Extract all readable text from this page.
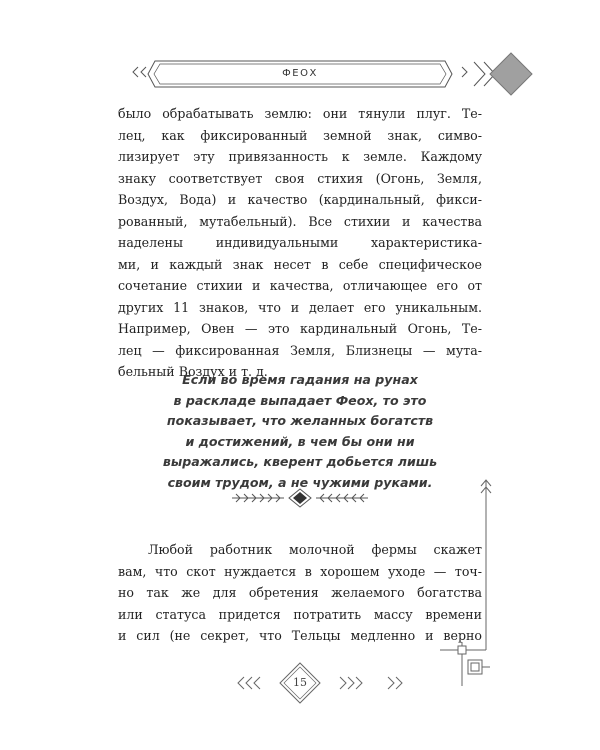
ФЕОХ
было обрабатывать землю: они тянули плуг. Те-
лец, как фиксированный земной знак, симво-
лизирует эту привязанность к земле. Каждому
знаку соответствует своя стихия (Огонь, Земля,
Воздух, Вода) и качество (кардинальный, фикси-
рованный, мутабельный). Все стихии и качества
наделены индивидуальными характеристика-
ми, и каждый знак несет в себе специфическое
сочетание стихии и качества, отличающее его от
других 11 знаков, что и делает его уникальным.
Например, Овен — это кардинальный Огонь, Те-
лец — фиксированная Земля, Близнецы — мута-
бельный Воздух и т. д.
Если во время гадания на рунах
в раскладе выпадает Феох, то это
показывает, что желанных богатств
и достижений, в чем бы они ни
выражались, кверент добьется лишь
своим трудом, а не чужими руками.
Любой работник молочной фермы скажет
вам, что скот нуждается в хорошем уходе — точ-
но так же для обретения желаемого богатства
или статуса придется потратить массу времени
и сил (не секрет, что Тельцы медленно и верно
15
